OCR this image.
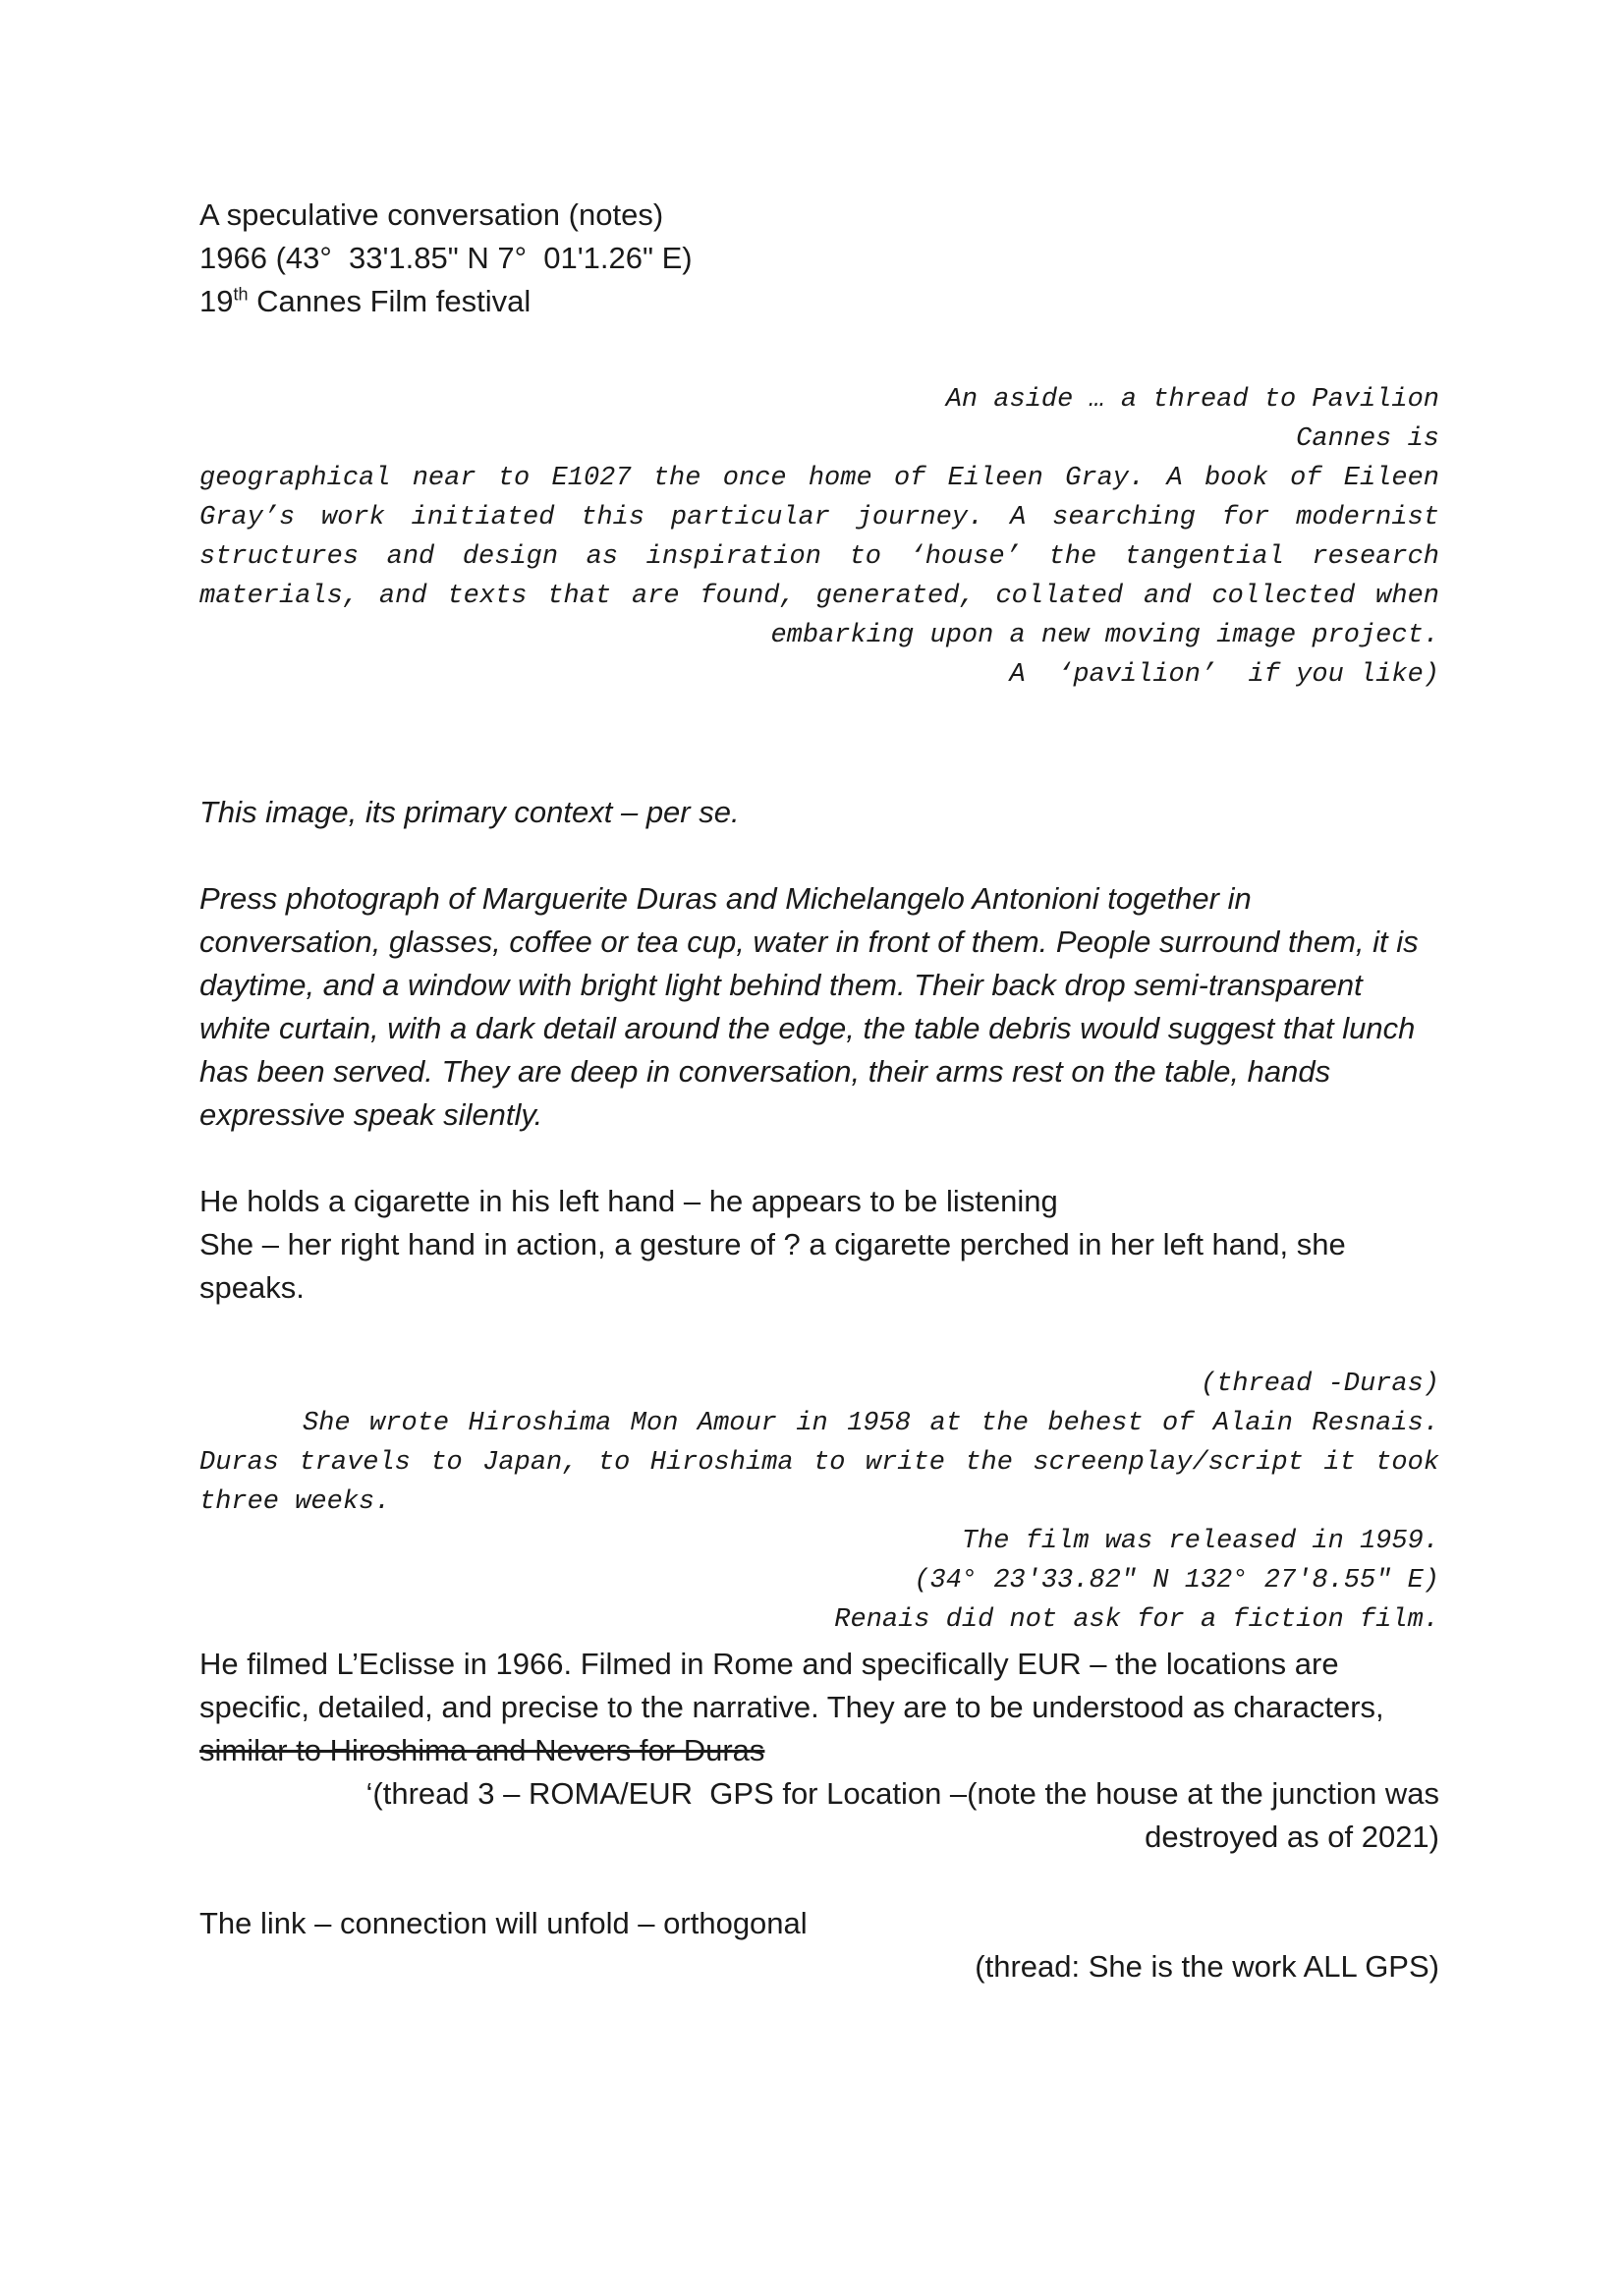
A speculative conversation (notes)
1966 (43°  33'1.85" N 7°  01'1.26" E)
19th Cannes Film festival
An aside … a thread to Pavilion
Cannes is

geographical near to E1027 the once home of Eileen Gray. A book of Eileen Gray’s work initiated this particular journey. A searching for modernist structures and design as inspiration to ‘house’ the tangential research materials, and texts that are found, generated, collated and collected when embarking upon a new moving image project.

A  ‘pavilion’  if you like)

This image, its primary context – per se.

Press photograph of Marguerite Duras and Michelangelo Antonioni together in conversation, glasses, coffee or tea cup, water in front of them. People surround them, it is daytime, and a window with bright light behind them. Their back drop semi-transparent white curtain, with a dark detail around the edge, the table debris would suggest that lunch has been served. They are deep in conversation, their arms rest on the table, hands expressive speak silently.

He holds a cigarette in his left hand – he appears to be listening

She – her right hand in action, a gesture of ? a cigarette perched in her left hand, she speaks.

(thread -Duras)

She wrote Hiroshima Mon Amour in 1958 at the behest of Alain Resnais. Duras travels to Japan, to Hiroshima to write the screenplay/script it took three weeks.

The film was released in 1959.
(34° 23'33.82" N 132° 27'8.55" E)
Renais did not ask for a fiction film.

He filmed L’Eclisse in 1966. Filmed in Rome and specifically EUR – the locations are specific, detailed, and precise to the narrative. They are to be understood as characters,

similar to Hiroshima and Nevers for Duras
‘(thread 3 – ROMA/EUR  GPS for Location –(note the house at the junction was
destroyed as of 2021)
The link – connection will unfold – orthogonal
(thread: She is the work ALL GPS)
